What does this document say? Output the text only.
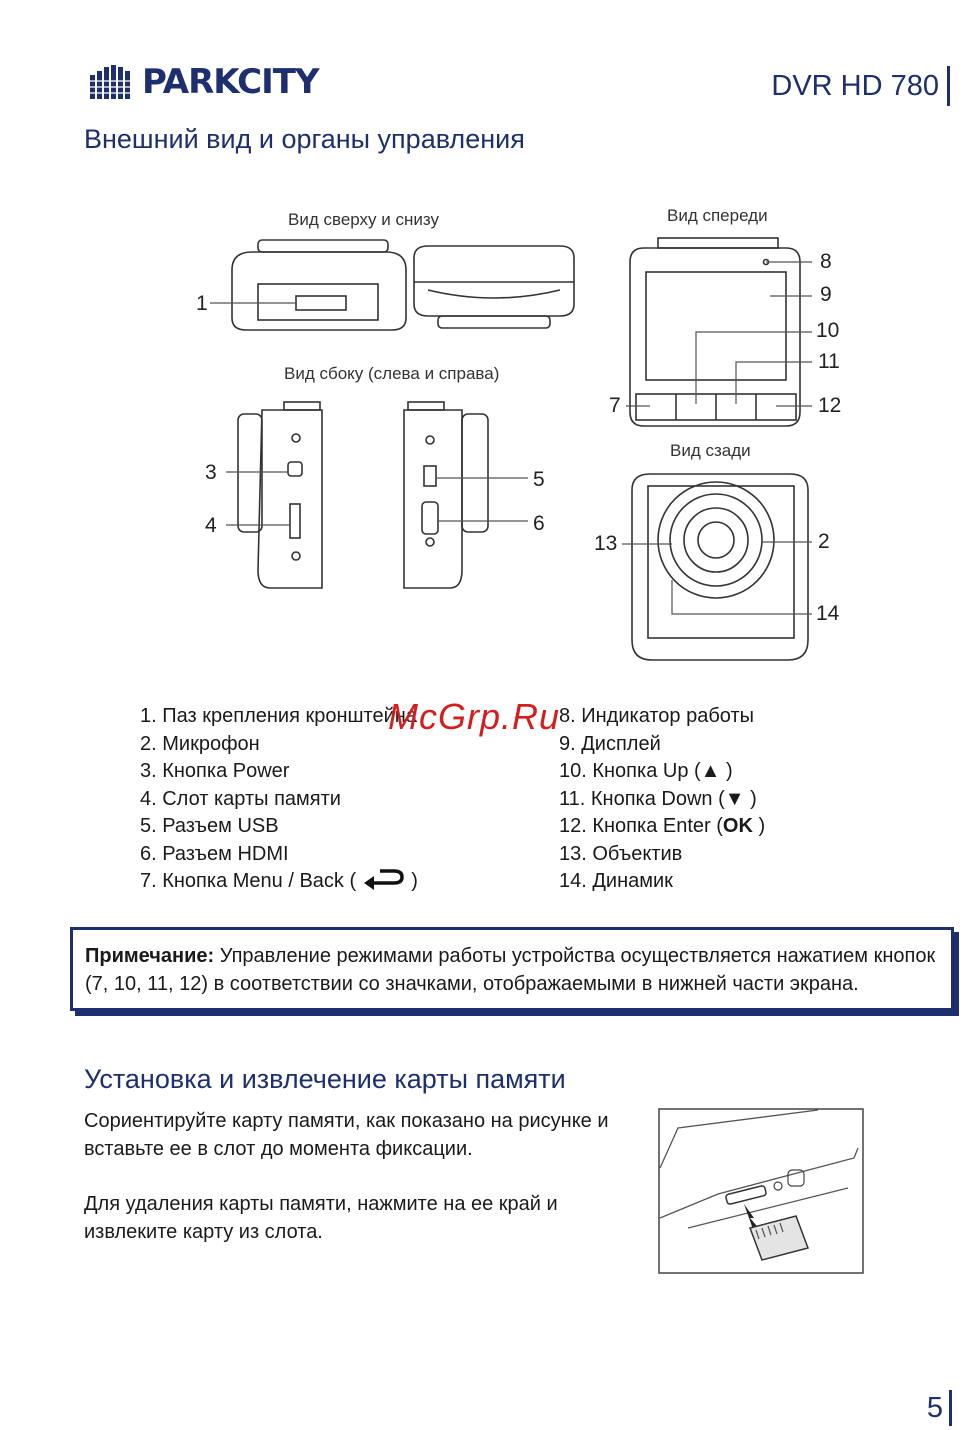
PARKCITY	DVR HD 780
Внешний вид и органы управления
Вид сверху и снизу	Вид спереди
Вид сбоку (слева и справа)
Вид сзади
1
2
3
4
5
6
7
8
9
10
11
12
13
14
1. Паз крепления кронштейна
2. Микрофон
3. Кнопка Power
4. Слот карты памяти
5. Разъем USB
6. Разъем HDMI
7. Кнопка Menu / Back (	)
8. Индикатор работы
9. Дисплей
10. Кнопка Up (▲ )
11. Кнопка Down (▼ )
12. Кнопка Enter (OK )
13. Объектив
14. Динамик
McGrp.Ru
Примечание: Управление режимами работы устройства осуществляется нажатием кнопок (7, 10, 11, 12) в соответствии со значками, отображаемыми в нижней части экрана.
Установка и извлечение карты памяти
Сориентируйте карту памяти, как показано на рисунке и вставьте ее в слот до момента фиксации.
Для удаления карты памяти, нажмите на ее край и извлеките карту из слота.
5
